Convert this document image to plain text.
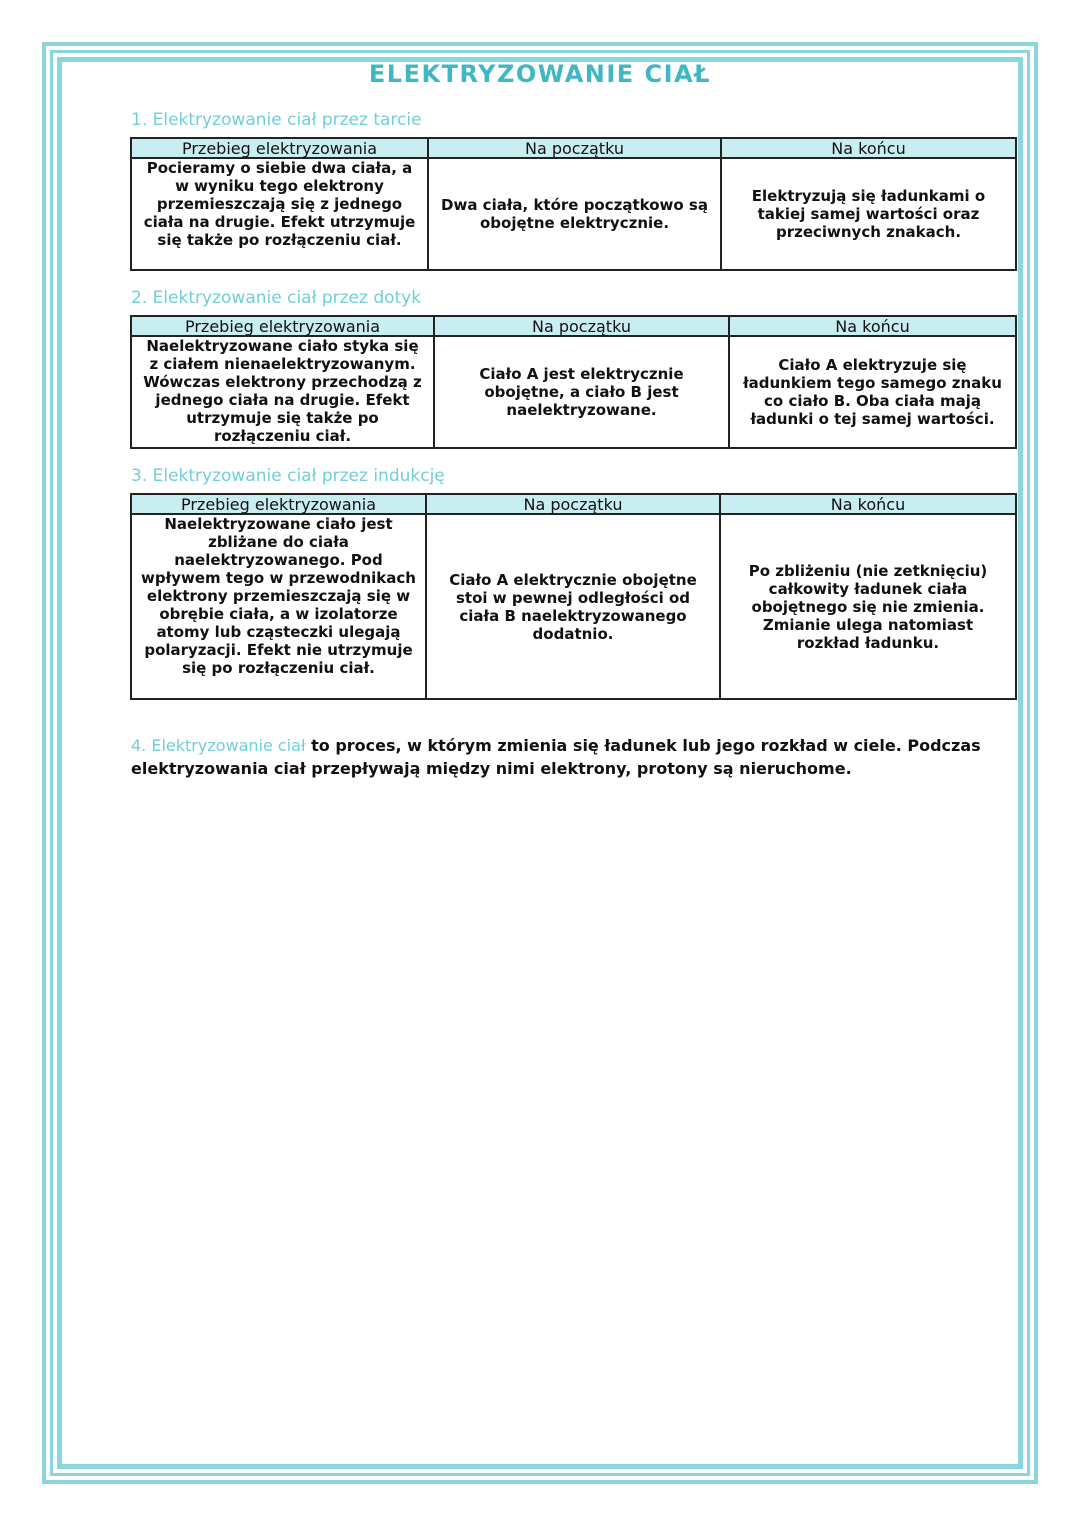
ELEKTRYZOWANIE CIAŁ
1. Elektryzowanie ciał przez tarcie
Przebieg elektryzowania	Na początku	Na końcu
Pocieramy o siebie dwa ciała, a w wyniku tego elektrony przemieszczają się z jednego ciała na drugie. Efekt utrzymuje się także po rozłączeniu ciał.	Dwa ciała, które początkowo są obojętne elektrycznie.	Elektryzują się ładunkami o takiej samej wartości oraz przeciwnych znakach.
2. Elektryzowanie ciał przez dotyk
Przebieg elektryzowania	Na początku	Na końcu
Naelektryzowane ciało styka się z ciałem nienaelektryzowanym. Wówczas elektrony przechodzą z jednego ciała na drugie. Efekt utrzymuje się także po rozłączeniu ciał.	Ciało A jest elektrycznie obojętne, a ciało B jest naelektryzowane.	Ciało A elektryzuje się ładunkiem tego samego znaku co ciało B. Oba ciała mają ładunki o tej samej wartości.
3. Elektryzowanie ciał przez indukcję
Przebieg elektryzowania	Na początku	Na końcu
Naelektryzowane ciało jest zbliżane do ciała naelektryzowanego. Pod wpływem tego w przewodnikach elektrony przemieszczają się w obrębie ciała, a w izolatorze atomy lub cząsteczki ulegają polaryzacji. Efekt nie utrzymuje się po rozłączeniu ciał.	Ciało A elektrycznie obojętne stoi w pewnej odległości od ciała B naelektryzowanego dodatnio.	Po zbliżeniu (nie zetknięciu) całkowity ładunek ciała obojętnego się nie zmienia. Zmianie ulega natomiast rozkład ładunku.
4. Elektryzowanie ciał to proces, w którym zmienia się ładunek lub jego rozkład w ciele. Podczas elektryzowania ciał przepływają między nimi elektrony, protony są nieruchome.
